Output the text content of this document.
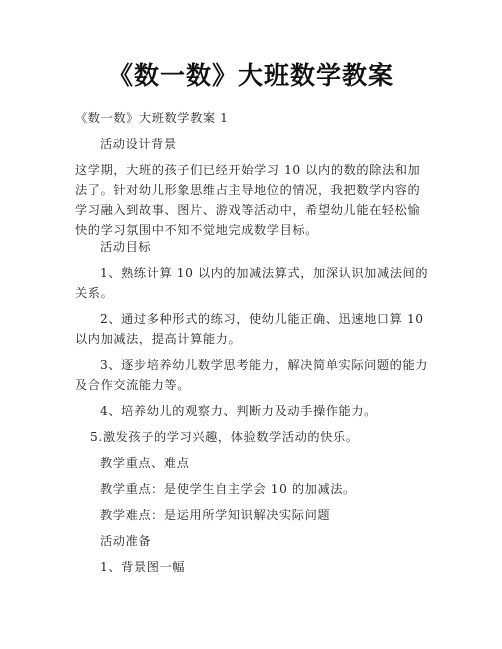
《数一数》大班数学教案

《数一数》大班数学教案 1

活动设计背景

这学期，大班的孩子们已经开始学习 10 以内的数的除法和加法了。针对幼儿形象思维占主导地位的情况，我把数学内容的学习融入到故事、图片、游戏等活动中，希望幼儿能在轻松愉快的学习氛围中不知不觉地完成数学目标。

活动目标

1、熟练计算 10 以内的加减法算式，加深认识加减法间的关系。

2、通过多种形式的练习，使幼儿能正确、迅速地口算 10 以内加减法，提高计算能力。

3、逐步培养幼儿数学思考能力，解决简单实际问题的能力及合作交流能力等。

4、培养幼儿的观察力、判断力及动手操作能力。

5.激发孩子的学习兴趣，体验数学活动的快乐。

教学重点、难点

教学重点：是使学生自主学会 10 的加减法。

教学难点：是运用所学知识解决实际问题

活动准备

1、背景图一幅
